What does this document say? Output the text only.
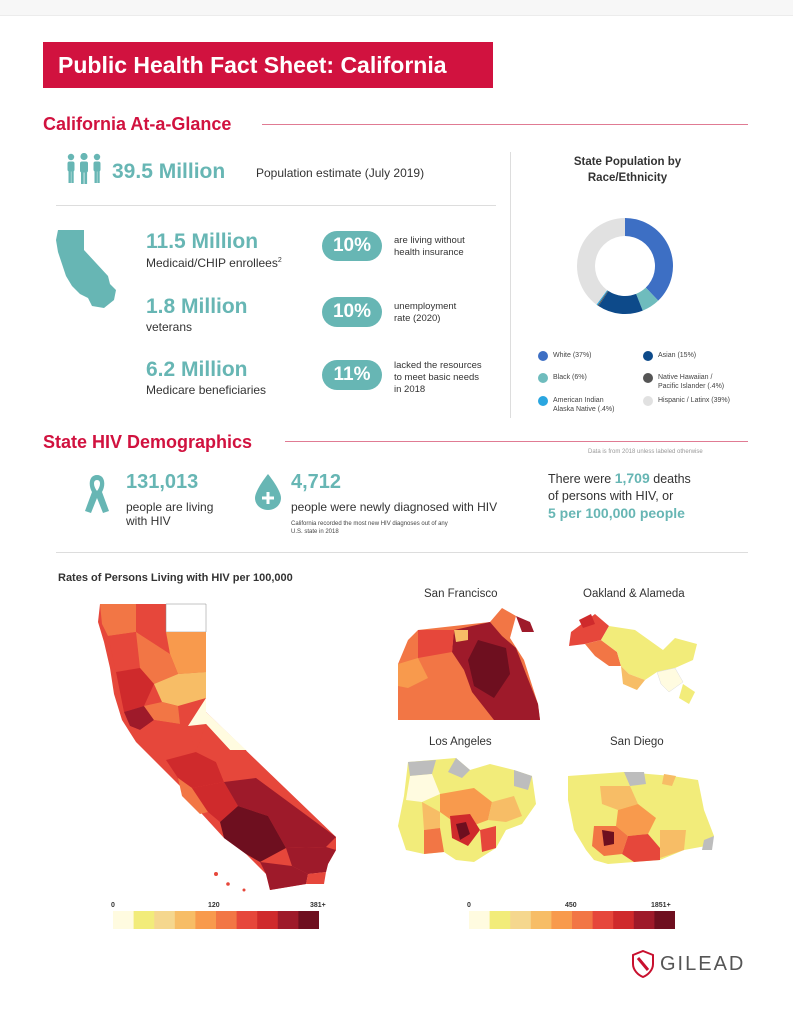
Public Health Fact Sheet: California
California At-a-Glance
39.5 Million	Population estimate (July 2019)
11.5 Million
Medicaid/CHIP enrollees$^2$
1.8 Million
veterans
6.2 Million
Medicare beneficiaries
10%	are living without
health insurance
10%	unemployment
rate (2020)
11%	lacked the resources
to meet basic needs
in 2018
State Population by
Race/Ethnicity
White (37%)	Asian (15%)
Black (6%)	Native Hawaiian /
Pacific Islander (.4%)
American Indian
Alaska Native (.4%)
Hispanic / Latinx (39%)
State HIV Demographics	Data is from 2018 unless labeled otherwise
131,013
people are living
with HIV
4,712
people were newly diagnosed with HIV
California recorded the most new HIV diagnoses out of any
U.S. state in 2018
There were 1,709 deaths
of persons with HIV, or
5 per 100,000 people
Rates of Persons Living with HIV per 100,000
San Francisco	Oakland & Alameda
Los Angeles	San Diego
0	120	381+	0	450	1851+
GILEAD
